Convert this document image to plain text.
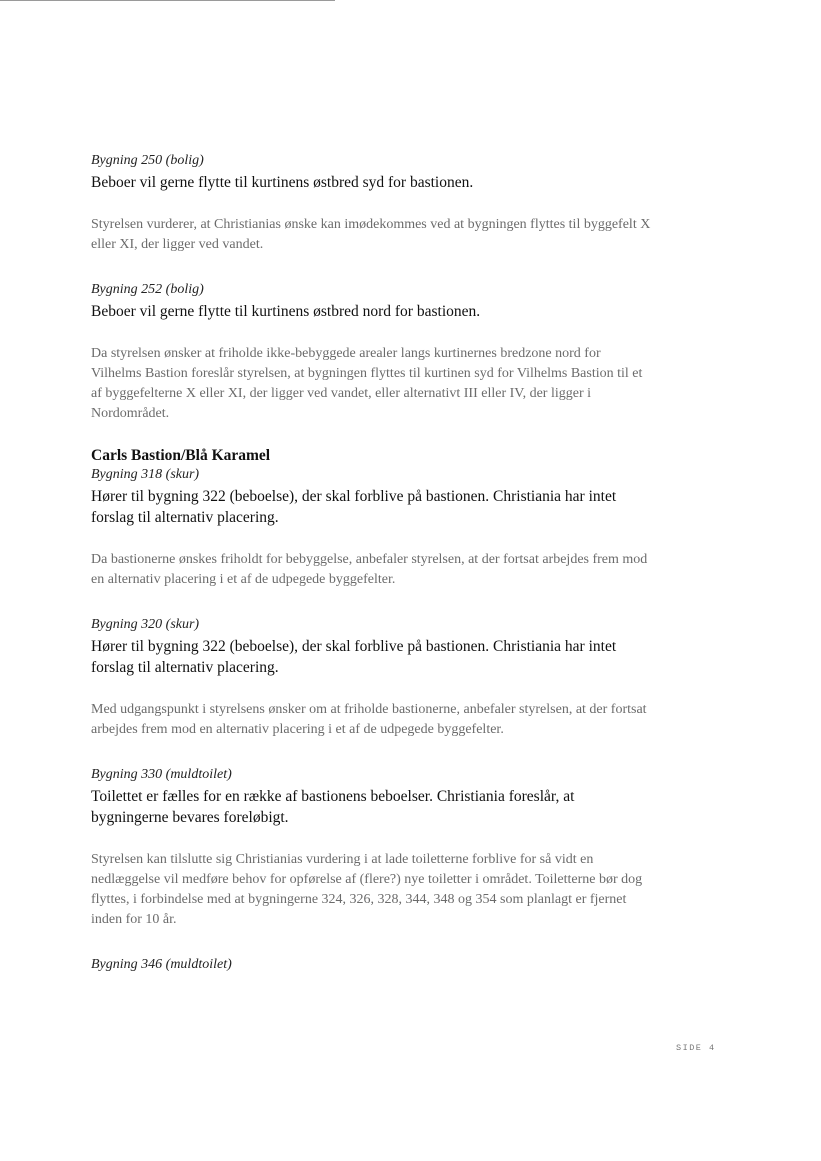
Bygning 250 (bolig)

Beboer vil gerne flytte til kurtinens østbred syd for bastionen.

Styrelsen vurderer, at Christianias ønske kan imødekommes ved at bygningen flyttes til byggefelt X eller XI, der ligger ved vandet.

Bygning 252 (bolig)

Beboer vil gerne flytte til kurtinens østbred nord for bastionen.

Da styrelsen ønsker at friholde ikke-bebyggede arealer langs kurtinernes bredzone nord for Vilhelms Bastion foreslår styrelsen, at bygningen flyttes til kurtinen syd for Vilhelms Bastion til et af byggefelterne X eller XI, der ligger ved vandet, eller alternativt III eller IV, der ligger i Nordområdet.

Carls Bastion/Blå Karamel

Bygning 318 (skur)

Hører til bygning 322 (beboelse), der skal forblive på bastionen. Christiania har intet forslag til alternativ placering.

Da bastionerne ønskes friholdt for bebyggelse, anbefaler styrelsen, at der fortsat arbejdes frem mod en alternativ placering i et af de udpegede byggefelter.

Bygning 320 (skur)

Hører til bygning 322 (beboelse), der skal forblive på bastionen. Christiania har intet forslag til alternativ placering.

Med udgangspunkt i styrelsens ønsker om at friholde bastionerne, anbefaler styrelsen, at der fortsat arbejdes frem mod en alternativ placering i et af de udpegede byggefelter.

Bygning 330 (muldtoilet)

Toilettet er fælles for en række af bastionens beboelser. Christiania foreslår, at bygningerne bevares foreløbigt.

Styrelsen kan tilslutte sig Christianias vurdering i at lade toiletterne forblive for så vidt en nedlæggelse vil medføre behov for opførelse af (flere?) nye toiletter i området. Toiletterne bør dog flyttes, i forbindelse med at bygningerne 324, 326, 328, 344, 348 og 354 som planlagt er fjernet inden for 10 år.

Bygning 346 (muldtoilet)

SIDE 4
